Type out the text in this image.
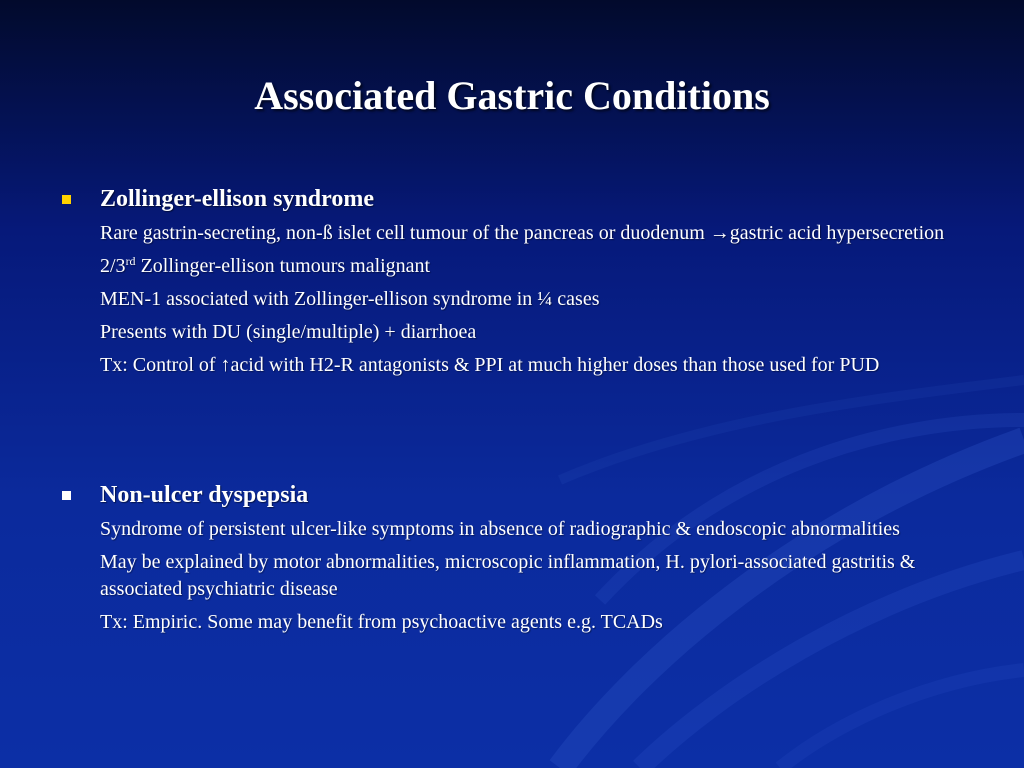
Associated Gastric Conditions
Zollinger-ellison syndrome
Rare gastrin-secreting, non-ß islet cell tumour of the pancreas or duodenum →gastric acid hypersecretion
2/3rd Zollinger-ellison tumours malignant
MEN-1 associated with Zollinger-ellison syndrome in ¼ cases
Presents with DU (single/multiple) + diarrhoea
Tx: Control of ↑acid with H2-R antagonists & PPI at much higher doses than those used for PUD
Non-ulcer dyspepsia
Syndrome of persistent ulcer-like symptoms in absence of radiographic & endoscopic abnormalities
May be explained by motor abnormalities, microscopic inflammation, H. pylori-associated gastritis & associated psychiatric disease
Tx: Empiric. Some may benefit from psychoactive agents e.g. TCADs
